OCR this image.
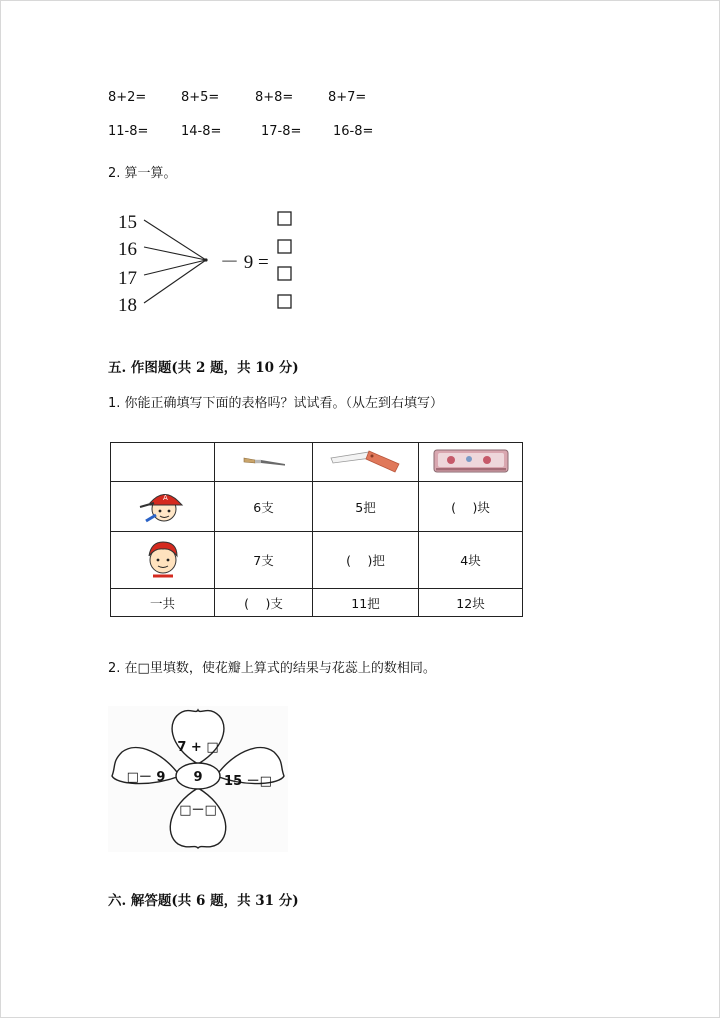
8+2=	8+5=	8+8=	8+7=
11-8=	14-8=	17-8= 16-8=
2. 算一算。
15
16
17
18
－ 9 =
五. 作图题(共 2 题，共 10 分)
1. 你能正确填写下面的表格吗？试试看。（从左到右填写）

A	6支	5把	(　 )块
	7支	(　 )把	4块
一共	(　 )支	11把	12块
2. 在□里填数，使花瓣上算式的结果与花蕊上的数相同。
9
7 + □
□－ 9	15 －□
□－□
六. 解答题(共 6 题，共 31 分)
